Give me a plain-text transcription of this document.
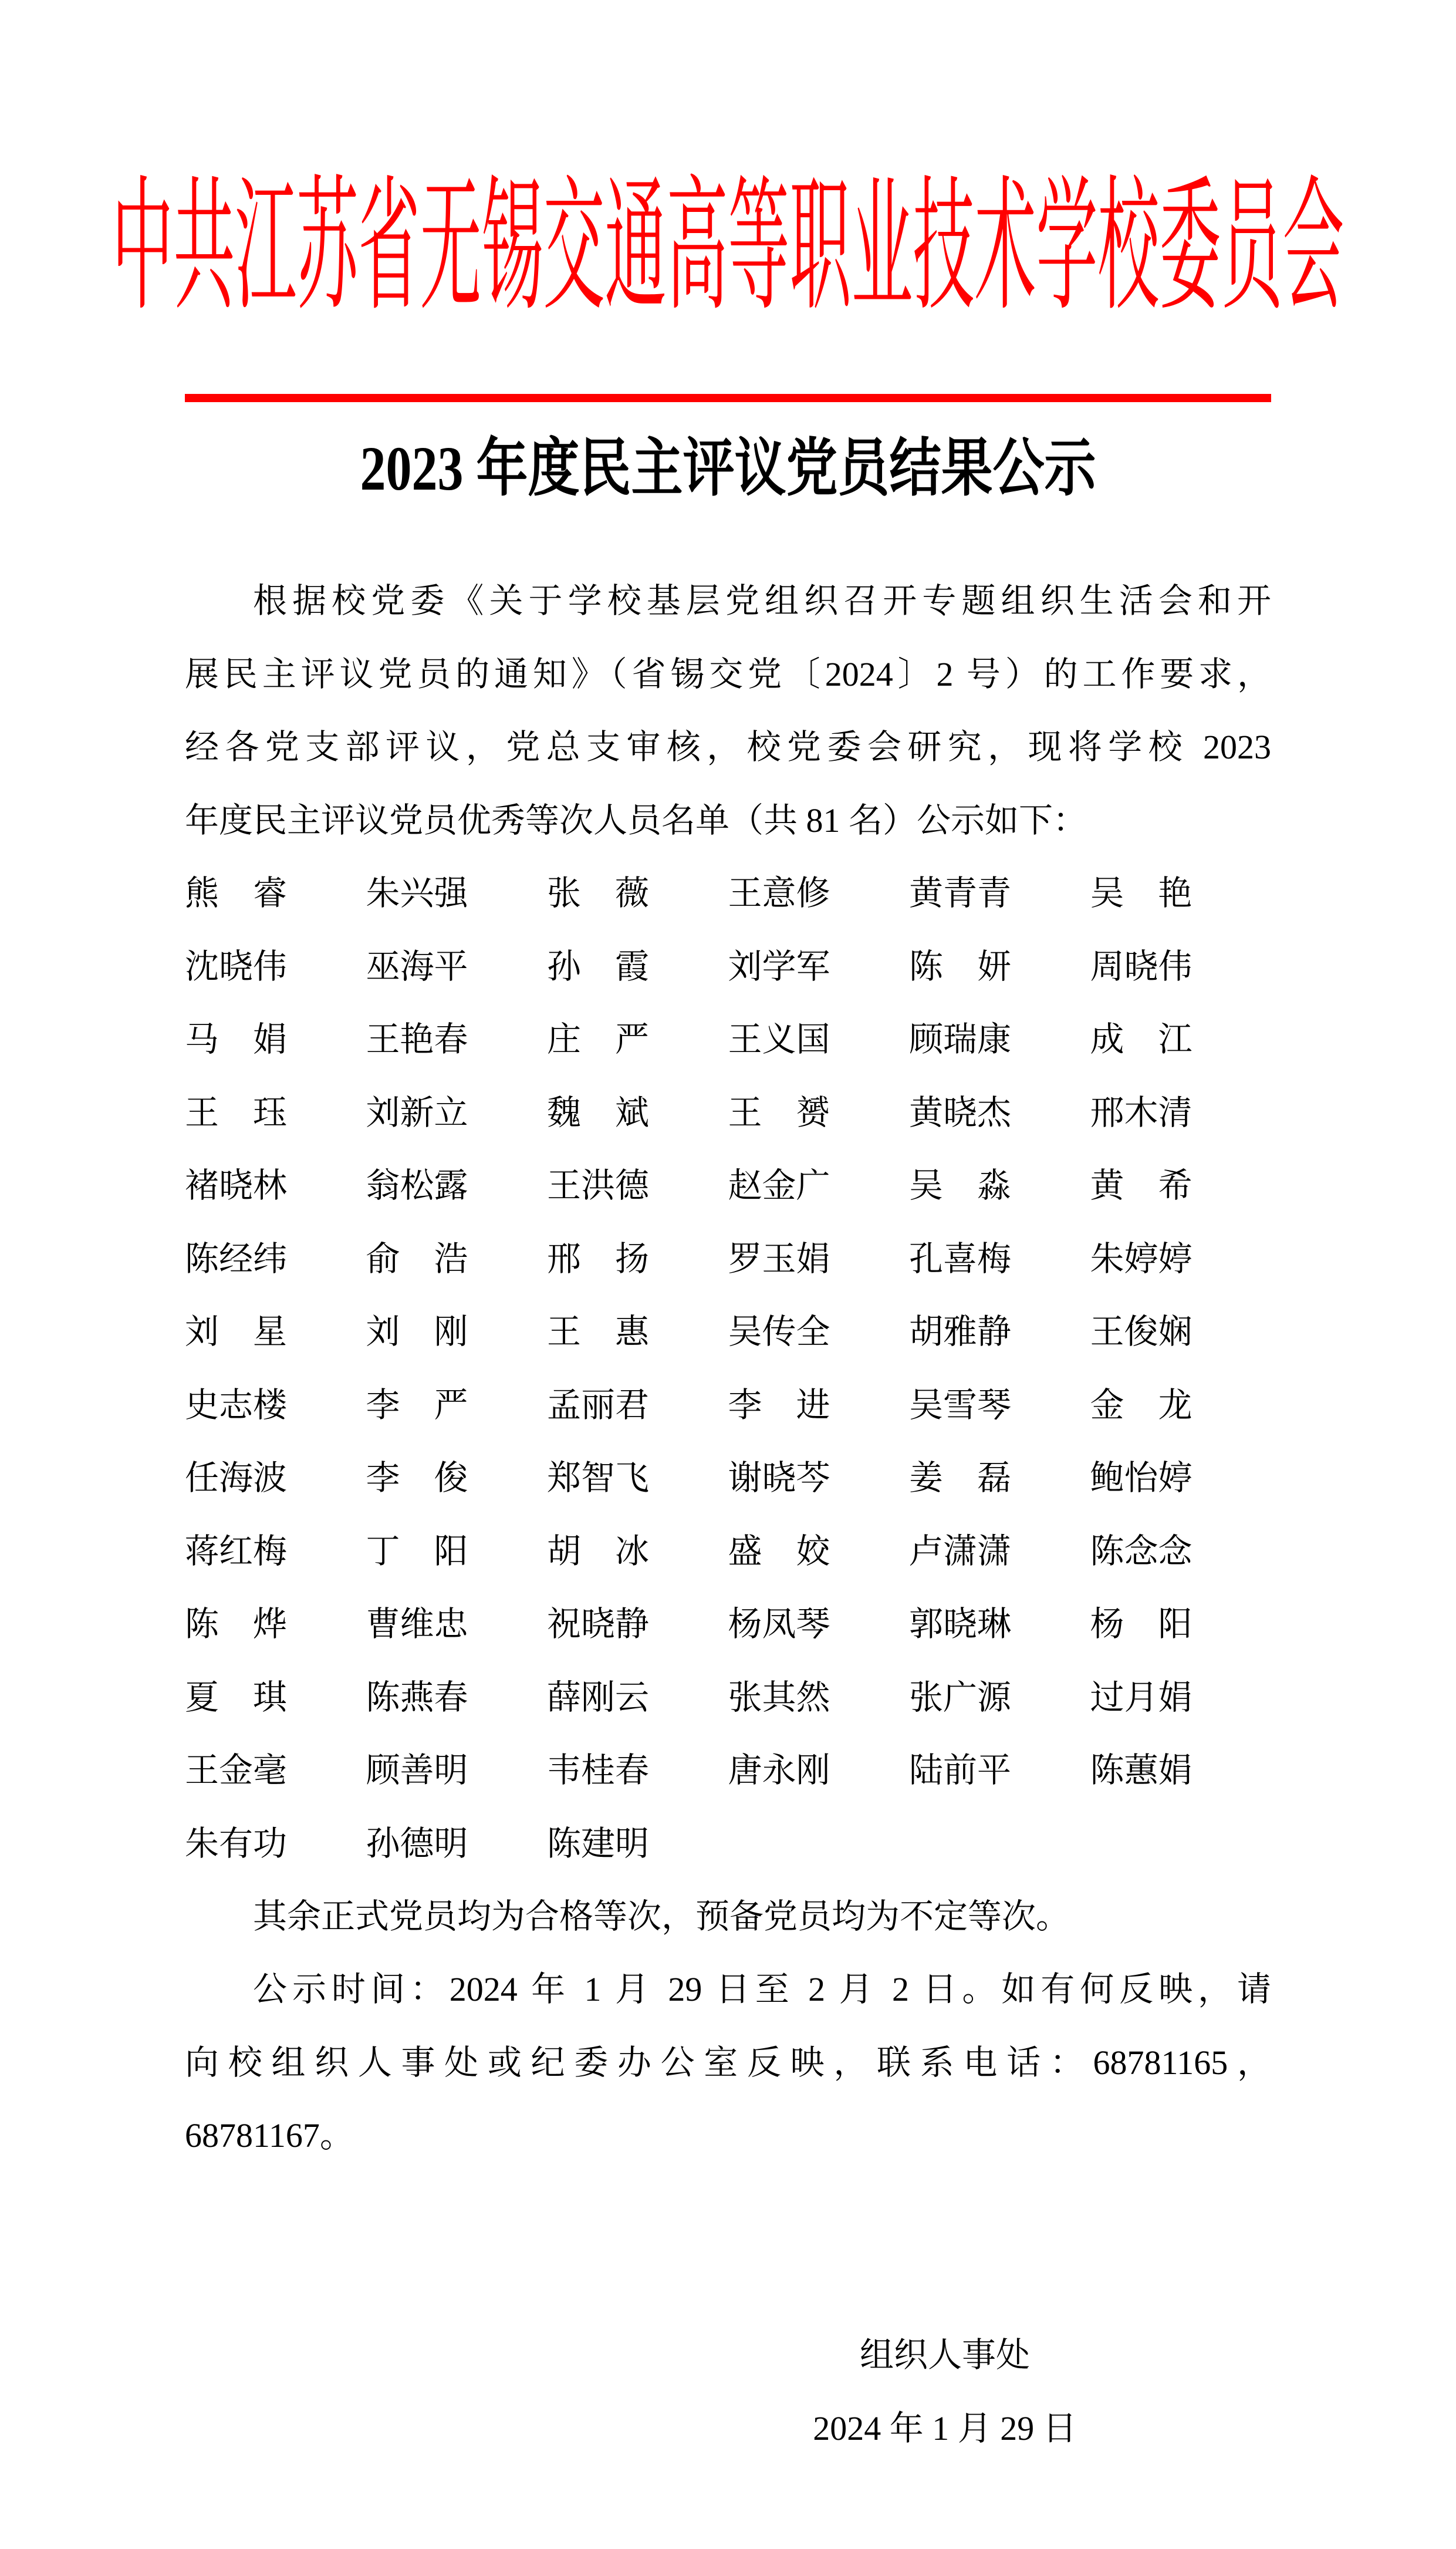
中共江苏省无锡交通高等职业技术学校委员会
2023 年度民主评议党员结果公示
根据校党委《关于学校基层党组织召开专题组织生活会和开
展民主评议党员的通知》（省锡交党〔2024〕2 号）的工作要求，
经各党支部评议，党总支审核，校党委会研究，现将学校 2023
年度民主评议党员优秀等次人员名单（共 81 名）公示如下：
熊　睿	朱兴强	张　薇	王意修	黄青青	吴　艳
沈晓伟	巫海平	孙　霞	刘学军	陈　妍	周晓伟
马　娟	王艳春	庄　严	王义国	顾瑞康	成　江
王　珏	刘新立	魏　斌	王　赟	黄晓杰	邢木清
褚晓林	翁松露	王洪德	赵金广	吴　淼	黄　希
陈经纬	俞　浩	邢　扬	罗玉娟	孔喜梅	朱婷婷
刘　星	刘　刚	王　惠	吴传全	胡雅静	王俊娴
史志楼	李　严	孟丽君	李　进	吴雪琴	金　龙
任海波	李　俊	郑智飞	谢晓芩	姜　磊	鲍怡婷
蒋红梅	丁　阳	胡　冰	盛　姣	卢潇潇	陈念念
陈　烨	曹维忠	祝晓静	杨凤琴	郭晓琳	杨　阳
夏　琪	陈燕春	薛刚云	张其然	张广源	过月娟
王金毫	顾善明	韦桂春	唐永刚	陆前平	陈蕙娟
朱有功	孙德明	陈建明
其余正式党员均为合格等次，预备党员均为不定等次。
公示时间：2024 年 1 月 29 日至 2 月 2 日。如有何反映，请
向校组织人事处或纪委办公室反映，联系电话：68781165，
68781167。
组织人事处
2024 年 1 月 29 日
